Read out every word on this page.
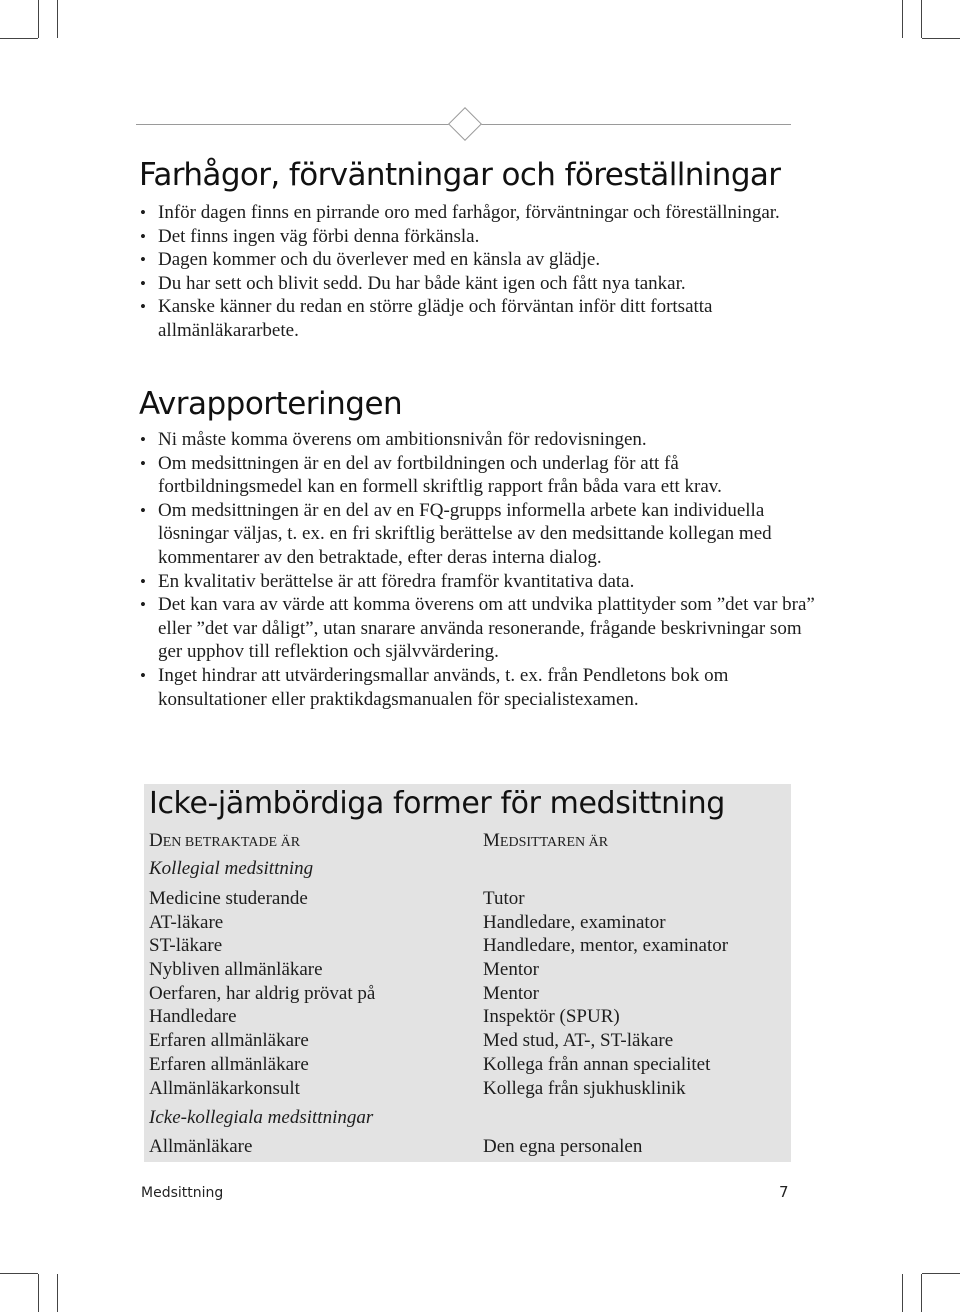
Farhågor, förväntningar och föreställningar
• Inför dagen finns en pirrande oro med farhågor, förväntningar och föreställningar.
• Det finns ingen väg förbi denna förkänsla.
• Dagen kommer och du överlever med en känsla av glädje.
• Du har sett och blivit sedd. Du har både känt igen och fått nya tankar.
• Kanske känner du redan en större glädje och förväntan inför ditt fortsatta allmänläkararbete.
Avrapporteringen
• Ni måste komma överens om ambitionsnivån för redovisningen.
• Om medsittningen är en del av fortbildningen och underlag för att få fortbildningsmedel kan en formell skriftlig rapport från båda vara ett krav.
• Om medsittningen är en del av en FQ-grupps informella arbete kan individuella lösningar väljas, t. ex. en fri skriftlig berättelse av den medsittande kollegan med kommentarer av den betraktade, efter deras interna dialog.
• En kvalitativ berättelse är att föredra framför kvantitativa data.
• Det kan vara av värde att komma överens om att undvika plattityder som ”det var bra” eller ”det var dåligt”, utan snarare använda resonerande, frågande beskrivningar som ger upphov till reflektion och självvärdering.
• Inget hindrar att utvärderingsmallar används, t. ex. från Pendletons bok om konsultationer eller praktikdagsmanualen för specialistexamen.
Icke-jämbördiga former för medsittning
DEN BETRAKTADE ÄR	MEDSITTAREN ÄR
Kollegial medsittning
Medicine studerande	Tutor
AT-läkare	Handledare, examinator
ST-läkare	Handledare, mentor, examinator
Nybliven allmänläkare	Mentor
Oerfaren, har aldrig prövat på	Mentor
Handledare	Inspektör (SPUR)
Erfaren allmänläkare	Med stud, AT-, ST-läkare
Erfaren allmänläkare	Kollega från annan specialitet
Allmänläkarkonsult	Kollega från sjukhusklinik
Icke-kollegiala medsittningar
Allmänläkare	Den egna personalen
Medsittning	7
